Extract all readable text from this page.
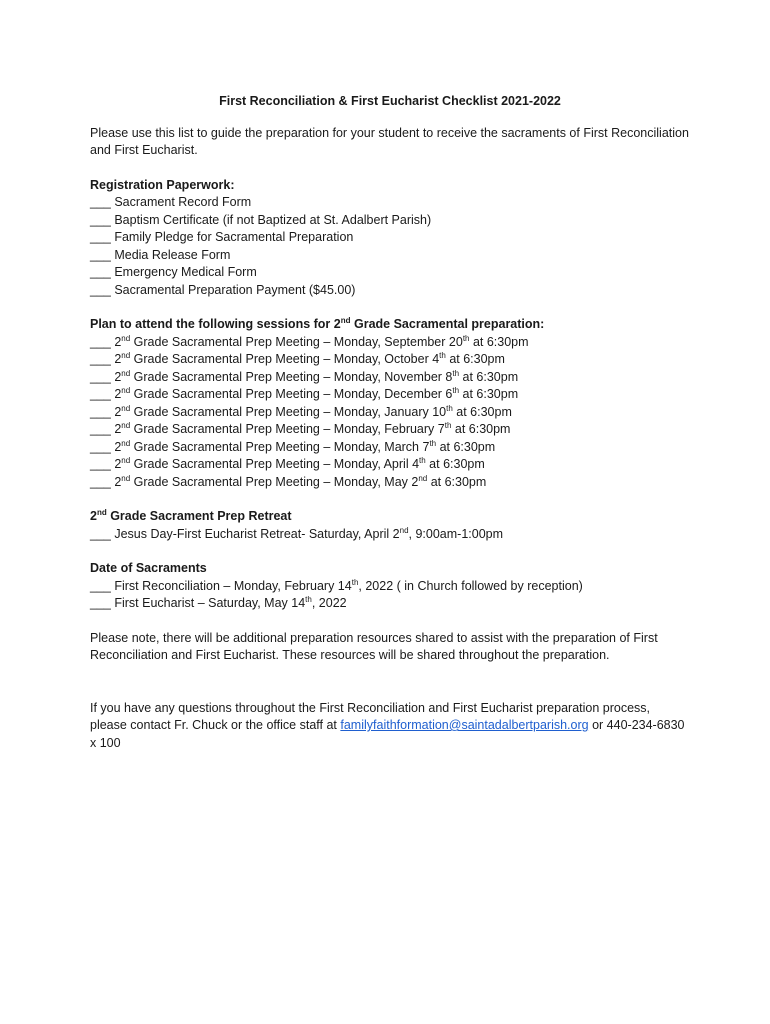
First Reconciliation & First Eucharist Checklist 2021-2022

Please use this list to guide the preparation for your student to receive the sacraments of First Reconciliation and First Eucharist.

Registration Paperwork:

___ Sacrament Record Form

___ Baptism Certificate (if not Baptized at St. Adalbert Parish)

___ Family Pledge for Sacramental Preparation

___ Media Release Form

___ Emergency Medical Form

___ Sacramental Preparation Payment ($45.00)

Plan to attend the following sessions for 2nd Grade Sacramental preparation:

___ 2nd Grade Sacramental Prep Meeting – Monday, September 20th at 6:30pm

___ 2nd Grade Sacramental Prep Meeting – Monday, October 4th at 6:30pm

___ 2nd Grade Sacramental Prep Meeting – Monday, November 8th at 6:30pm

___ 2nd Grade Sacramental Prep Meeting – Monday, December 6th at 6:30pm

___ 2nd Grade Sacramental Prep Meeting – Monday, January 10th at 6:30pm

___ 2nd Grade Sacramental Prep Meeting – Monday, February 7th at 6:30pm

___ 2nd Grade Sacramental Prep Meeting – Monday, March 7th at 6:30pm

___ 2nd Grade Sacramental Prep Meeting – Monday, April 4th at 6:30pm

___ 2nd Grade Sacramental Prep Meeting – Monday, May 2nd at 6:30pm

2nd Grade Sacrament Prep Retreat

___ Jesus Day-First Eucharist Retreat- Saturday, April 2nd, 9:00am-1:00pm

Date of Sacraments

___ First Reconciliation – Monday, February 14th, 2022 ( in Church followed by reception)

___ First Eucharist – Saturday, May 14th, 2022

Please note, there will be additional preparation resources shared to assist with the preparation of First Reconciliation and First Eucharist. These resources will be shared throughout the preparation.

If you have any questions throughout the First Reconciliation and First Eucharist preparation process, please contact Fr. Chuck or the office staff at familyfaithformation@saintadalbertparish.org or 440-234-6830 x 100
